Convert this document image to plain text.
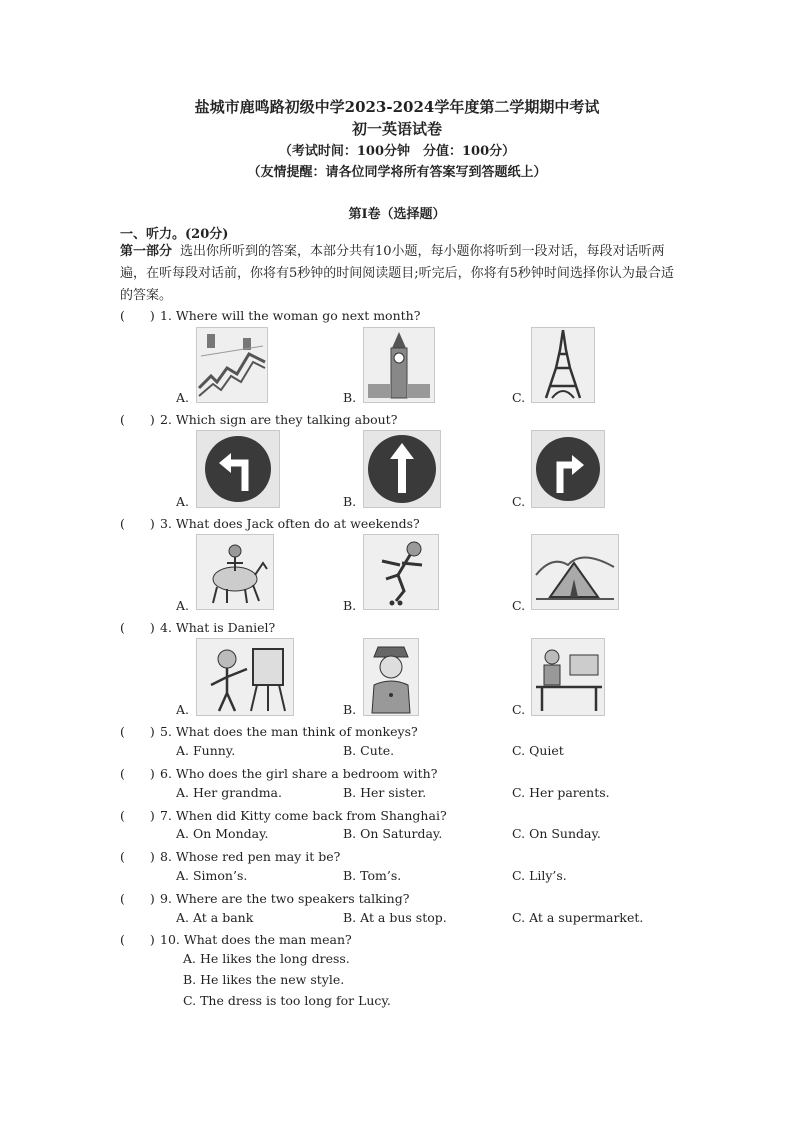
盐城市鹿鸣路初级中学2023-2024学年度第二学期期中考试
初一英语试卷
（考试时间：100分钟　分值：100分）
（友情提醒：请各位同学将所有答案写到答题纸上）
第Ⅰ卷（选择题）
一、听力。(20分)
第一部分 选出你所听到的答案，本部分共有10小题，每小题你将听到一段对话，每段对话听两遍，在听每段对话前，你将有5秒钟的时间阅读题目;听完后，你将有5秒钟时间选择你认为最合适的答案。
(　　) 1. Where will the woman go next month?
A.	B.	C.
(　　) 2. Which sign are they talking about?
A.	B.	C.
(　　) 3. What does Jack often do at weekends?
A.	B.	C.
(　　) 4. What is Daniel?
A.	B.	C.
(　　) 5. What does the man think of monkeys?
A. Funny.	B. Cute.	C. Quiet
(　　) 6. Who does the girl share a bedroom with?
A. Her grandma.	B. Her sister.	C. Her parents.
(　　) 7. When did Kitty come back from Shanghai?
A. On Monday.	B. On Saturday.	C. On Sunday.
(　　) 8. Whose red pen may it be?
A. Simon’s.	B. Tom’s.	C. Lily’s.
(　　) 9. Where are the two speakers talking?
A. At a bank	B. At a bus stop.	C. At a supermarket.
(　　) 10. What does the man mean?
A. He likes the long dress.
B. He likes the new style.
C. The dress is too long for Lucy.
